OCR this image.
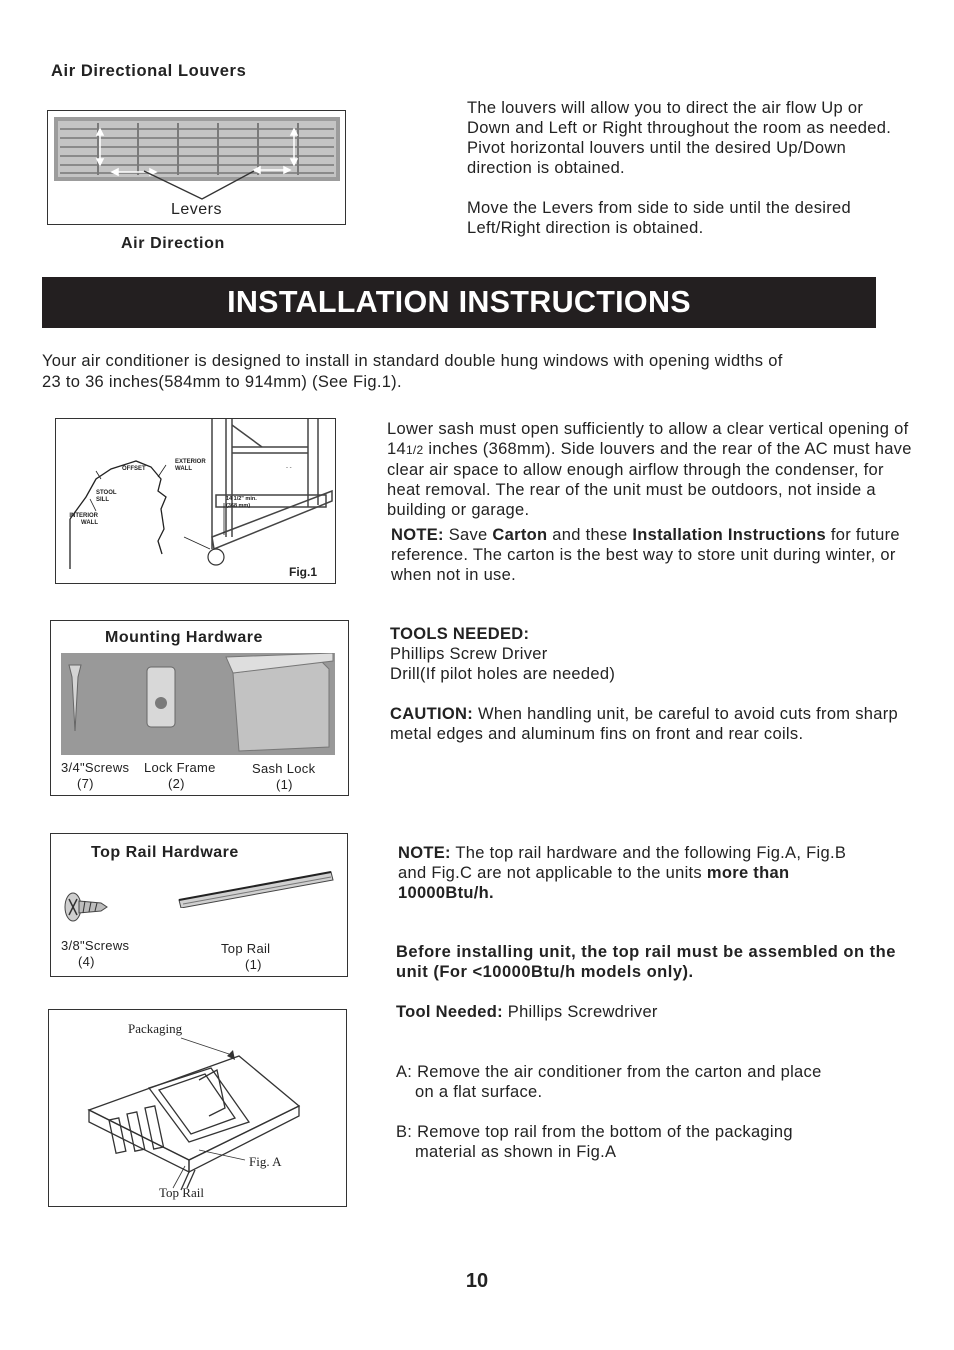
Air Directional Louvers
Levers
Air Direction
The louvers will allow you to direct the air flow Up or Down and Left or Right throughout the room as needed. Pivot horizontal louvers until the desired Up/Down direction is obtained.
Move the Levers from side to side until the desired Left/Right direction is obtained.
INSTALLATION INSTRUCTIONS
Your air conditioner is designed to install in standard double hung windows with opening widths of
23 to 36 inches(584mm to 914mm) (See Fig.1).
- -
EXTERIOR WALL
OFFSET
STOOL SILL
INTERIOR WALL
14 1/2" min. (368 mm)
Fig.1
Lower sash must open sufficiently to allow a clear vertical opening of 141/2 inches (368mm). Side louvers and the rear of the AC must have clear air space to allow enough airflow through the condenser, for heat removal. The rear of the unit must be outdoors, not inside a building or garage.
NOTE: Save Carton and these Installation Instructions for future reference. The carton is the best way to store unit during winter, or when not in use.
Mounting Hardware
3/4"Screws
(7)
Lock Frame
(2)
Sash Lock
(1)
TOOLS NEEDED:
Phillips Screw Driver
Drill(If pilot holes are needed)
CAUTION: When handling unit, be careful to avoid cuts from sharp metal edges and aluminum fins on front and rear coils.
Top Rail Hardware
3/8"Screws
(4)
Top Rail
(1)
NOTE: The top rail hardware and the following Fig.A, Fig.B and Fig.C are not applicable to the units more than 10000Btu/h.
Before installing unit, the top rail must be assembled on the unit (For <10000Btu/h models only).
Tool Needed: Phillips Screwdriver
Packaging
Fig. A
Top Rail
A: Remove the air conditioner from the carton and place
on a flat surface.
B: Remove top rail from the bottom of the packaging
material as shown in Fig.A
10
